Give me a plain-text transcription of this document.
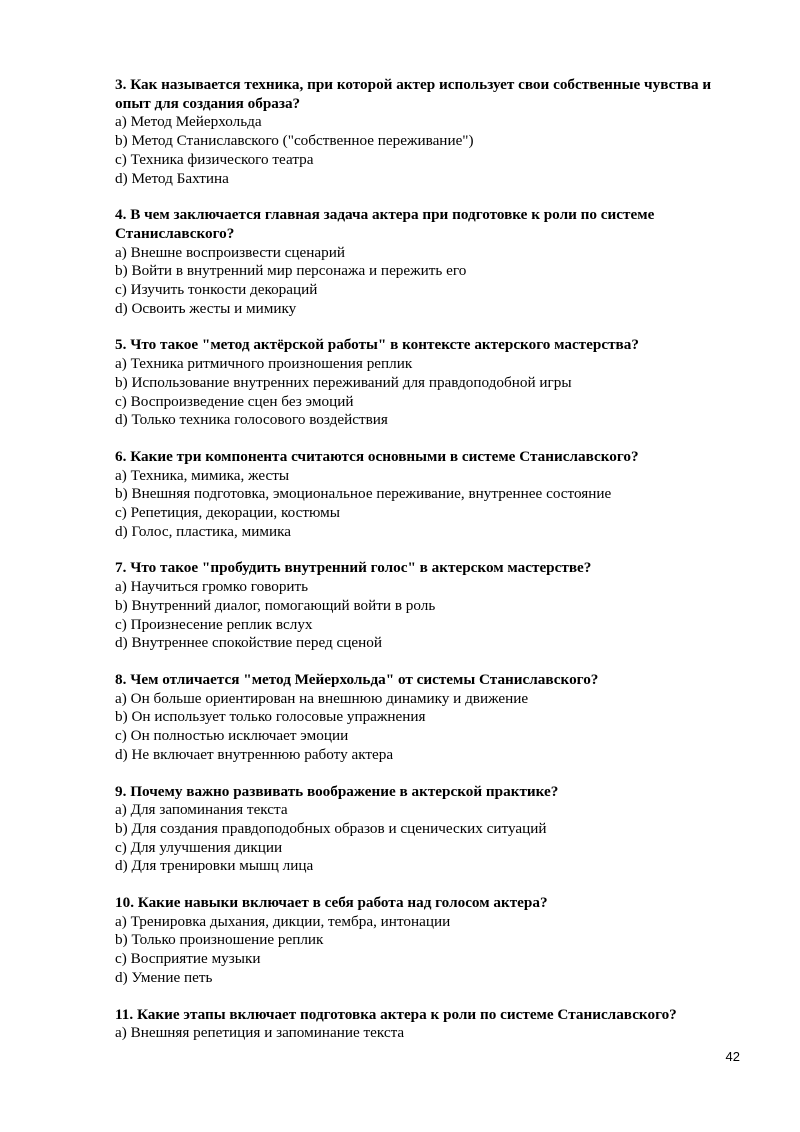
3. Как называется техника, при которой актер использует свои собственные чувства и опыт для создания образа?

a) Метод Мейерхольда

b) Метод Станиславского ("собственное переживание")

c) Техника физического театра

d) Метод Бахтина

4. В чем заключается главная задача актера при подготовке к роли по системе Станиславского?

a) Внешне воспроизвести сценарий

b) Войти в внутренний мир персонажа и пережить его

c) Изучить тонкости декораций

d) Освоить жесты и мимику

5. Что такое "метод актёрской работы" в контексте актерского мастерства?

a) Техника ритмичного произношения реплик

b) Использование внутренних переживаний для правдоподобной игры

c) Воспроизведение сцен без эмоций

d) Только техника голосового воздействия

6. Какие три компонента считаются основными в системе Станиславского?

a) Техника, мимика, жесты

b) Внешняя подготовка, эмоциональное переживание, внутреннее состояние

c) Репетиция, декорации, костюмы

d) Голос, пластика, мимика

7. Что такое "пробудить внутренний голос" в актерском мастерстве?

a) Научиться громко говорить

b) Внутренний диалог, помогающий войти в роль

c) Произнесение реплик вслух

d) Внутреннее спокойствие перед сценой

8. Чем отличается "метод Мейерхольда" от системы Станиславского?

a) Он больше ориентирован на внешнюю динамику и движение

b) Он использует только голосовые упражнения

c) Он полностью исключает эмоции

d) Не включает внутреннюю работу актера

9. Почему важно развивать воображение в актерской практике?

a) Для запоминания текста

b) Для создания правдоподобных образов и сценических ситуаций

c) Для улучшения дикции

d) Для тренировки мышц лица

10. Какие навыки включает в себя работа над голосом актера?

a) Тренировка дыхания, дикции, тембра, интонации

b) Только произношение реплик

c) Восприятие музыки

d) Умение петь

11. Какие этапы включает подготовка актера к роли по системе Станиславского?

a) Внешняя репетиция и запоминание текста

42
